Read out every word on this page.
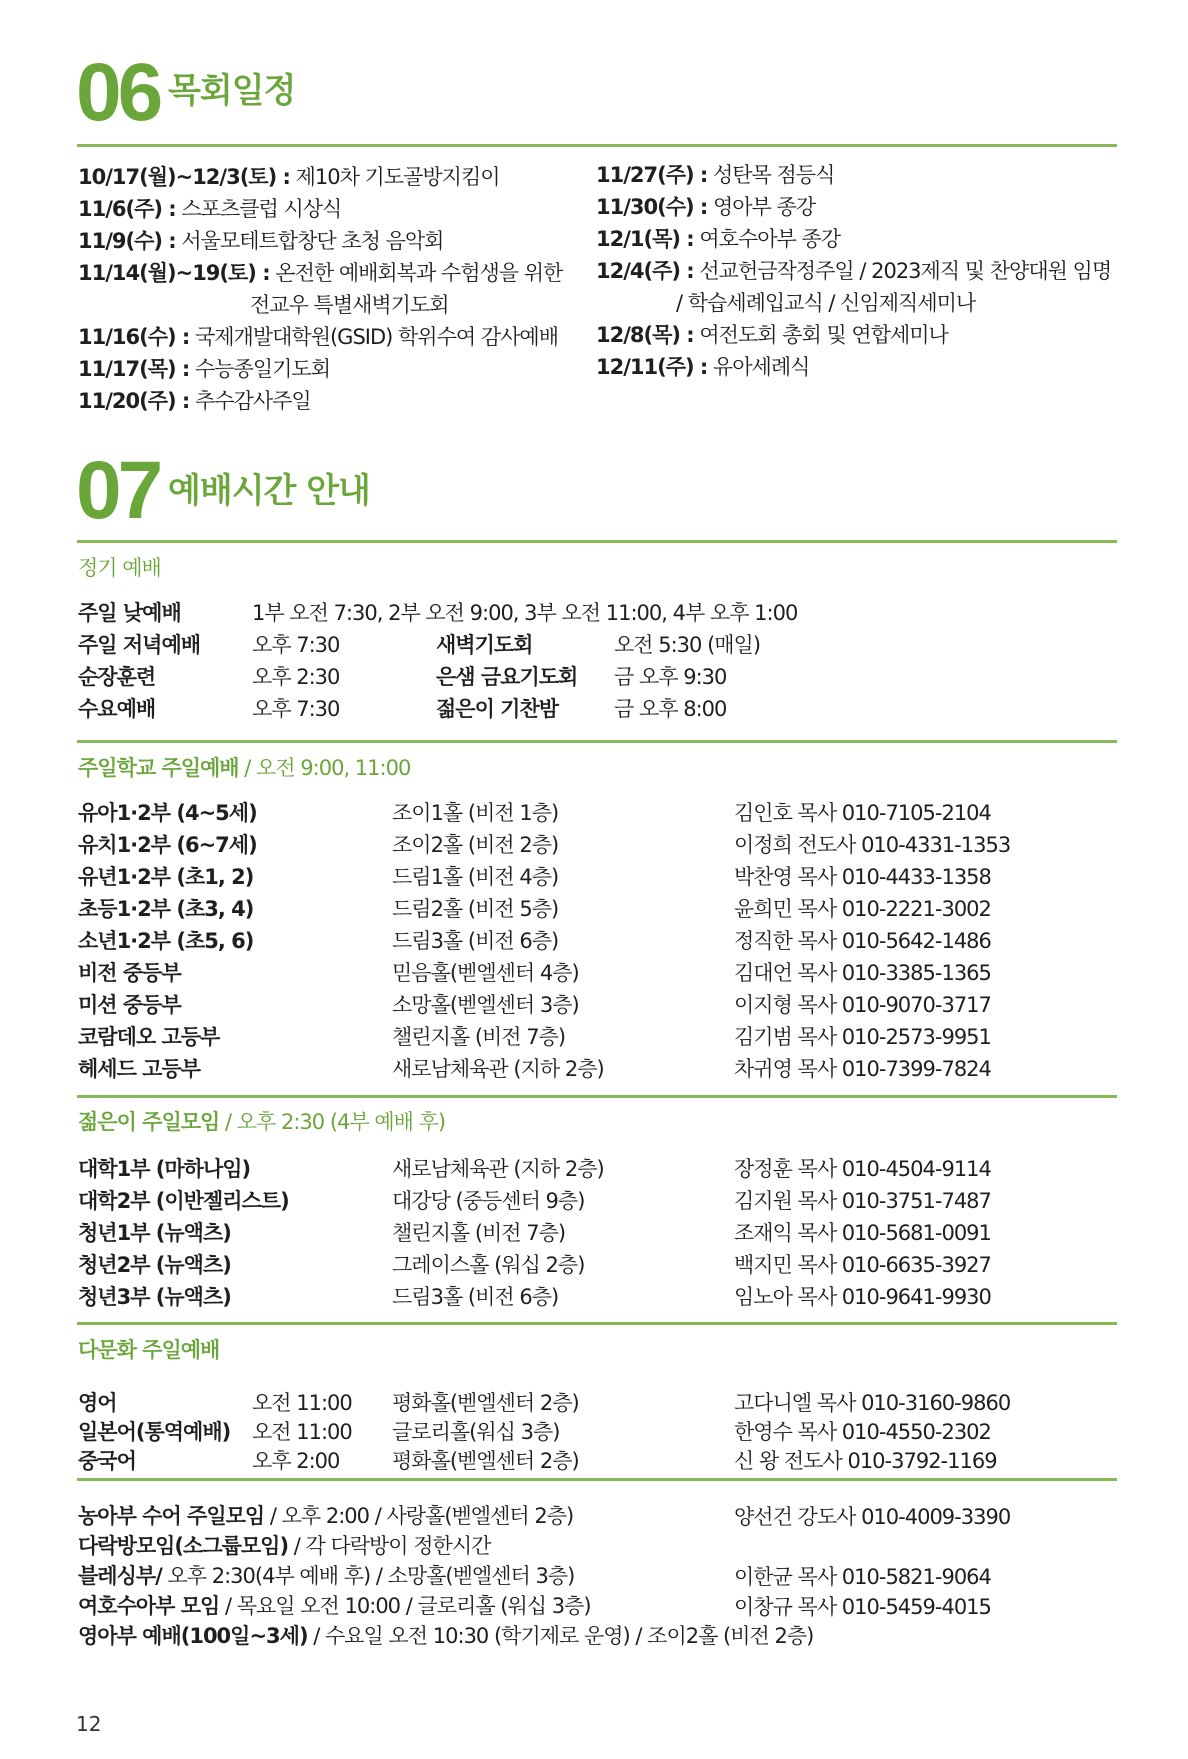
06 목회일정
10/17(월)~12/3(토) : 제10차 기도골방지킴이
11/6(주) : 스포츠클럽 시상식
11/9(수) : 서울모테트합창단 초청 음악회
11/14(월)~19(토) : 온전한 예배회복과 수험생을 위한
전교우 특별새벽기도회
11/16(수) : 국제개발대학원(GSID) 학위수여 감사예배
11/17(목) : 수능종일기도회
11/20(주) : 추수감사주일
11/27(주) : 성탄목 점등식
11/30(수) : 영아부 종강
12/1(목) : 여호수아부 종강
12/4(주) : 선교헌금작정주일 / 2023제직 및 찬양대원 임명
/ 학습세례입교식 / 신임제직세미나
12/8(목) : 여전도회 총회 및 연합세미나
12/11(주) : 유아세례식
07 예배시간 안내
정기 예배
주일 낮예배	1부 오전 7:30, 2부 오전 9:00, 3부 오전 11:00, 4부 오후 1:00
주일 저녁예배 오후 7:30	새벽기도회	오전 5:30 (매일)
순장훈련	오후 2:30	은샘 금요기도회 금 오후 9:30
수요예배	오후 7:30	젊은이 기찬밤	금 오후 8:00
주일학교 주일예배 / 오전 9:00, 11:00
유아1·2부 (4~5세)	조이1홀 (비전 1층)	김인호 목사 010-7105-2104
유치1·2부 (6~7세)	조이2홀 (비전 2층)	이정희 전도사 010-4331-1353
유년1·2부 (초1, 2)	드림1홀 (비전 4층)	박찬영 목사 010-4433-1358
초등1·2부 (초3, 4)	드림2홀 (비전 5층)	윤희민 목사 010-2221-3002
소년1·2부 (초5, 6)	드림3홀 (비전 6층)	정직한 목사 010-5642-1486
비전 중등부	믿음홀(벧엘센터 4층)	김대언 목사 010-3385-1365
미션 중등부	소망홀(벧엘센터 3층)	이지형 목사 010-9070-3717
코람데오 고등부	챌린지홀 (비전 7층)	김기범 목사 010-2573-9951
헤세드 고등부	새로남체육관 (지하 2층)	차귀영 목사 010-7399-7824
젊은이 주일모임 / 오후 2:30 (4부 예배 후)
대학1부 (마하나임)	새로남체육관 (지하 2층)	장정훈 목사 010-4504-9114
대학2부 (이반젤리스트)	대강당 (중등센터 9층)	김지원 목사 010-3751-7487
청년1부 (뉴액츠)	챌린지홀 (비전 7층)	조재익 목사 010-5681-0091
청년2부 (뉴액츠)	그레이스홀 (워십 2층)	백지민 목사 010-6635-3927
청년3부 (뉴액츠)	드림3홀 (비전 6층)	임노아 목사 010-9641-9930
다문화 주일예배
영어	오전 11:00 평화홀(벧엘센터 2층)	고다니엘 목사 010-3160-9860
일본어(통역예배) 오전 11:00 글로리홀(워십 3층)	한영수 목사 010-4550-2302
중국어	오후 2:00	평화홀(벧엘센터 2층)	신 왕 전도사 010-3792-1169
농아부 수어 주일모임 / 오후 2:00 / 사랑홀(벧엘센터 2층)	양선건 강도사 010-4009-3390
다락방모임(소그룹모임) / 각 다락방이 정한시간
블레싱부/ 오후 2:30(4부 예배 후) / 소망홀(벧엘센터 3층)	이한균 목사 010-5821-9064
여호수아부 모임 / 목요일 오전 10:00 / 글로리홀 (워십 3층)	이창규 목사 010-5459-4015
영아부 예배(100일~3세) / 수요일 오전 10:30 (학기제로 운영) / 조이2홀 (비전 2층)
12
